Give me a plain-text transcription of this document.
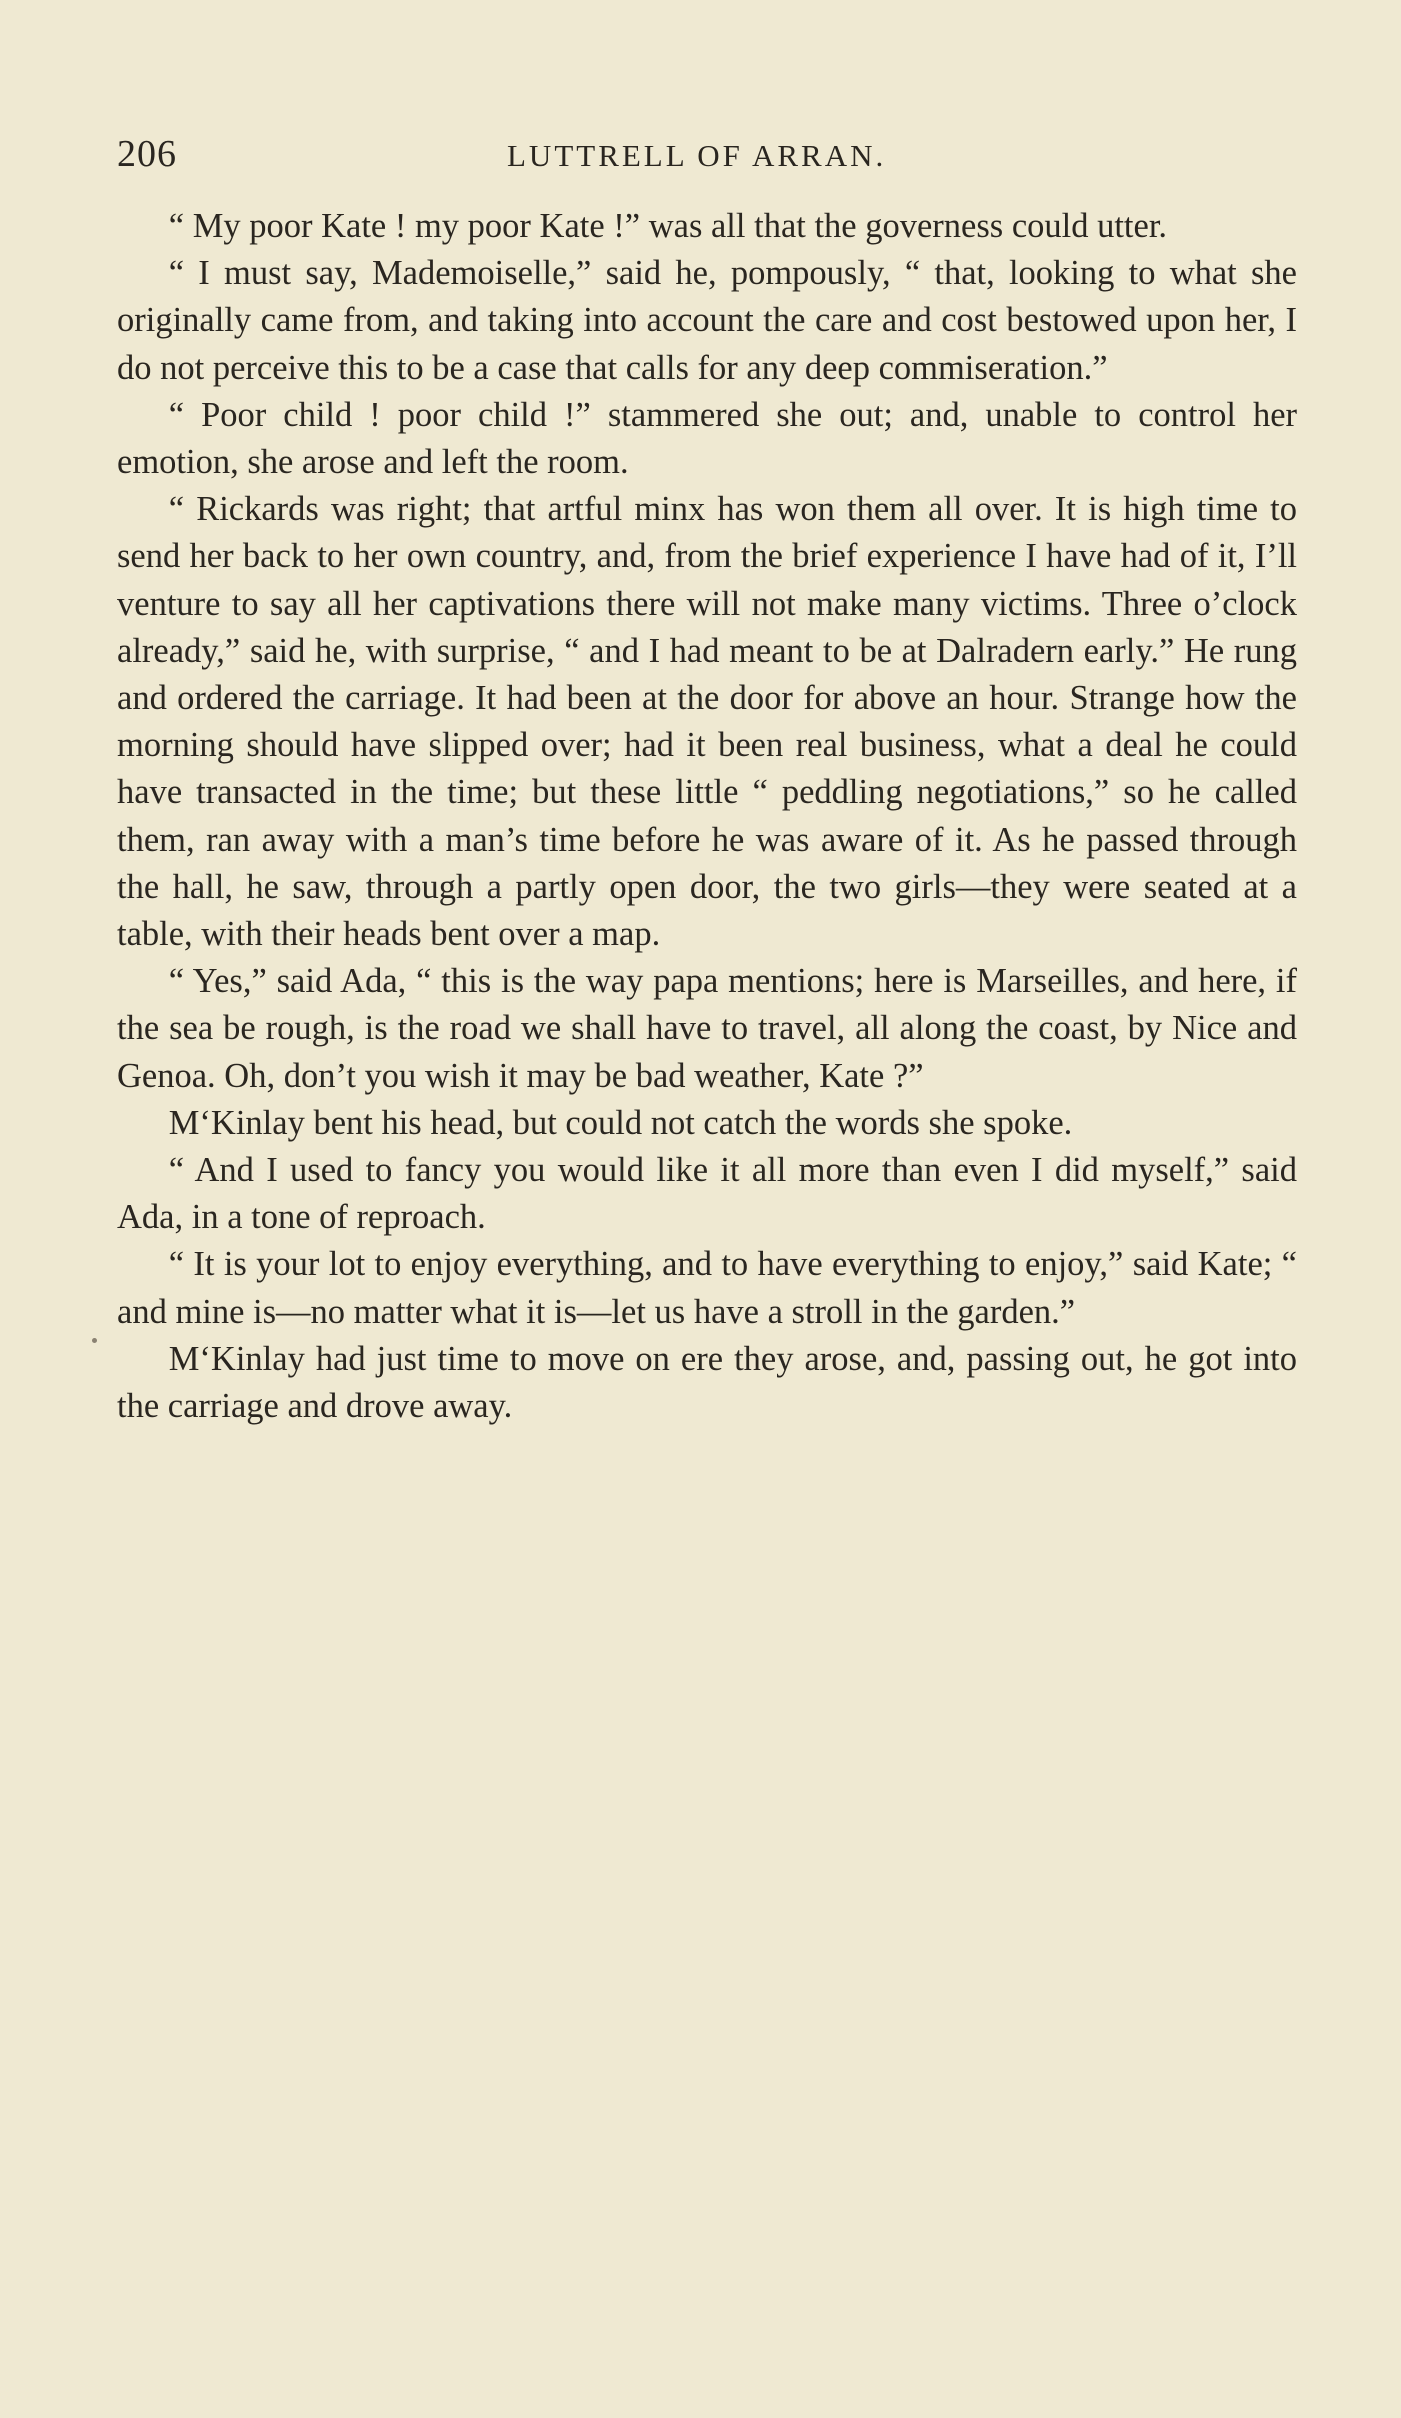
206	LUTTRELL OF ARRAN.

“ My poor Kate ! my poor Kate !” was all that the governess could utter.

“ I must say, Mademoiselle,” said he, pompously, “ that, looking to what she originally came from, and taking into account the care and cost bestowed upon her, I do not perceive this to be a case that calls for any deep commiseration.”

“ Poor child ! poor child !” stammered she out; and, unable to control her emotion, she arose and left the room.

“ Rickards was right; that artful minx has won them all over. It is high time to send her back to her own country, and, from the brief experience I have had of it, I’ll venture to say all her captivations there will not make many victims. Three o’clock already,” said he, with surprise, “ and I had meant to be at Dalradern early.” He rung and ordered the carriage. It had been at the door for above an hour. Strange how the morning should have slipped over; had it been real business, what a deal he could have transacted in the time; but these little “ peddling negotiations,” so he called them, ran away with a man’s time before he was aware of it. As he passed through the hall, he saw, through a partly open door, the two girls—they were seated at a table, with their heads bent over a map.

“ Yes,” said Ada, “ this is the way papa mentions; here is Marseilles, and here, if the sea be rough, is the road we shall have to travel, all along the coast, by Nice and Genoa. Oh, don’t you wish it may be bad weather, Kate ?”

M‘Kinlay bent his head, but could not catch the words she spoke.

“ And I used to fancy you would like it all more than even I did myself,” said Ada, in a tone of reproach.

“ It is your lot to enjoy everything, and to have everything to enjoy,” said Kate; “ and mine is—no matter what it is—let us have a stroll in the garden.”

M‘Kinlay had just time to move on ere they arose, and, passing out, he got into the carriage and drove away.
